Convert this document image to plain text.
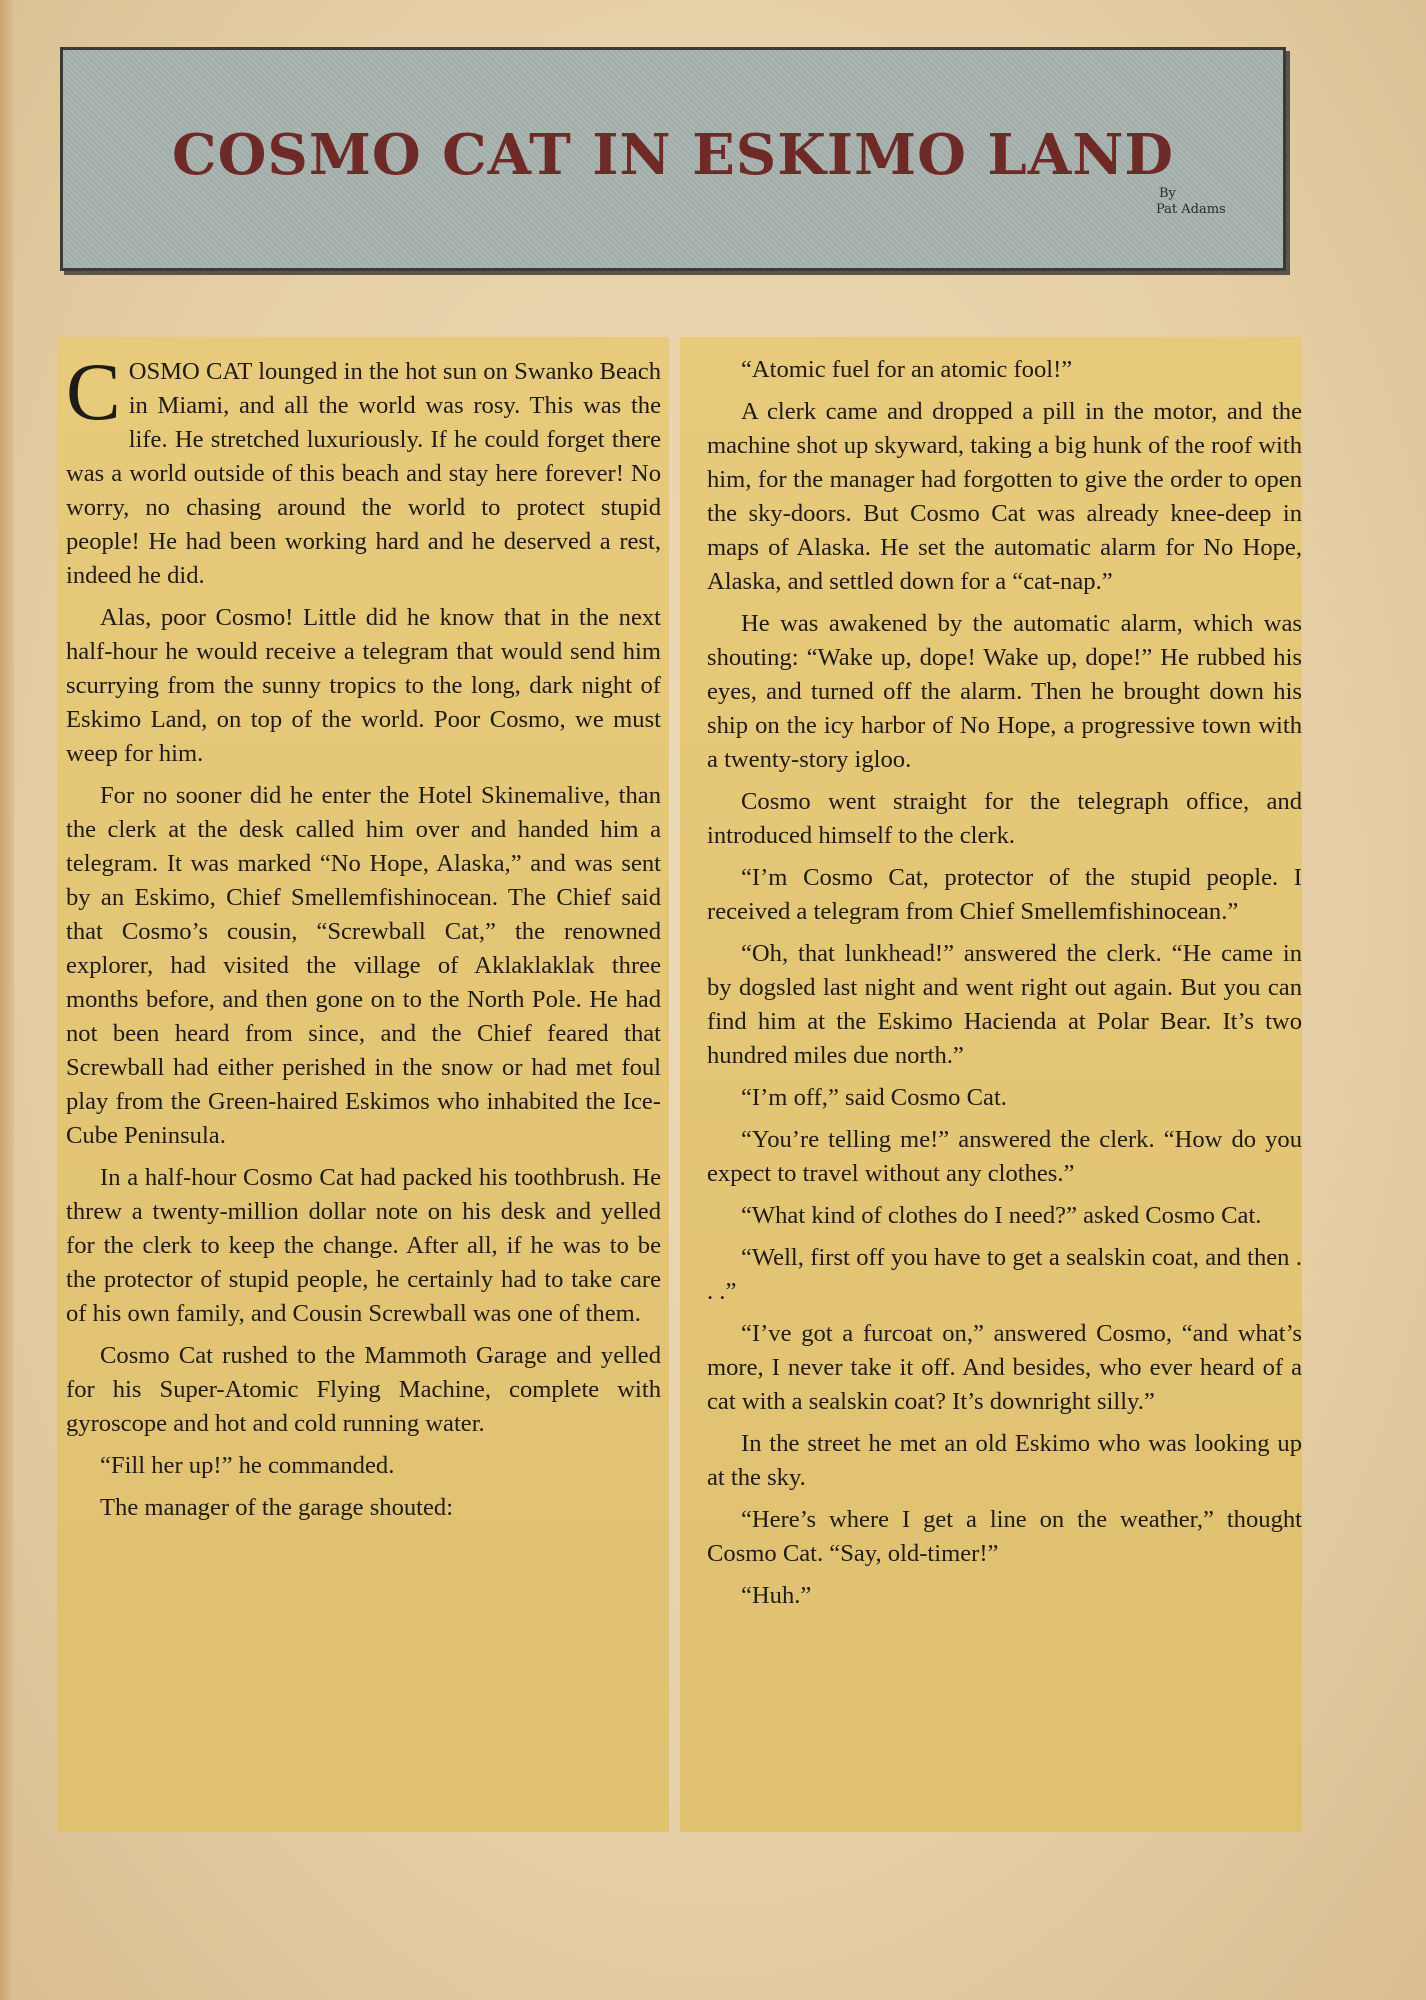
COSMO CAT IN ESKIMO LAND
By
Pat Adams

COSMO CAT lounged in the hot sun on Swanko Beach in Miami, and all the world was rosy. This was the life. He stretched luxuriously. If he could forget there was a world outside of this beach and stay here forever! No worry, no chasing around the world to protect stupid people! He had been working hard and he deserved a rest, indeed he did.

Alas, poor Cosmo! Little did he know that in the next half-hour he would receive a telegram that would send him scurrying from the sunny tropics to the long, dark night of Eskimo Land, on top of the world. Poor Cosmo, we must weep for him.

For no sooner did he enter the Hotel Skinemalive, than the clerk at the desk called him over and handed him a telegram. It was marked “No Hope, Alaska,” and was sent by an Eskimo, Chief Smellemfishinocean. The Chief said that Cosmo’s cousin, “Screwball Cat,” the renowned explorer, had visited the village of Aklaklaklak three months before, and then gone on to the North Pole. He had not been heard from since, and the Chief feared that Screwball had either perished in the snow or had met foul play from the Green-haired Eskimos who inhabited the Ice-Cube Peninsula.

In a half-hour Cosmo Cat had packed his toothbrush. He threw a twenty-million dollar note on his desk and yelled for the clerk to keep the change. After all, if he was to be the protector of stupid people, he certainly had to take care of his own family, and Cousin Screwball was one of them.

Cosmo Cat rushed to the Mammoth Garage and yelled for his Super-Atomic Flying Machine, complete with gyroscope and hot and cold running water.

“Fill her up!” he commanded.

The manager of the garage shouted:

“Atomic fuel for an atomic fool!”

A clerk came and dropped a pill in the motor, and the machine shot up skyward, taking a big hunk of the roof with him, for the manager had forgotten to give the order to open the sky-doors. But Cosmo Cat was already knee-deep in maps of Alaska. He set the automatic alarm for No Hope, Alaska, and settled down for a “cat-nap.”

He was awakened by the automatic alarm, which was shouting: “Wake up, dope! Wake up, dope!” He rubbed his eyes, and turned off the alarm. Then he brought down his ship on the icy harbor of No Hope, a progressive town with a twenty-story igloo.

Cosmo went straight for the telegraph office, and introduced himself to the clerk.

“I’m Cosmo Cat, protector of the stupid people. I received a telegram from Chief Smellemfishinocean.”

“Oh, that lunkhead!” answered the clerk. “He came in by dogsled last night and went right out again. But you can find him at the Eskimo Hacienda at Polar Bear. It’s two hundred miles due north.”

“I’m off,” said Cosmo Cat.

“You’re telling me!” answered the clerk. “How do you expect to travel without any clothes.”

“What kind of clothes do I need?” asked Cosmo Cat.

“Well, first off you have to get a sealskin coat, and then . . .”

“I’ve got a furcoat on,” answered Cosmo, “and what’s more, I never take it off. And besides, who ever heard of a cat with a sealskin coat? It’s downright silly.”

In the street he met an old Eskimo who was looking up at the sky.

“Here’s where I get a line on the weather,” thought Cosmo Cat. “Say, old-timer!”

“Huh.”
